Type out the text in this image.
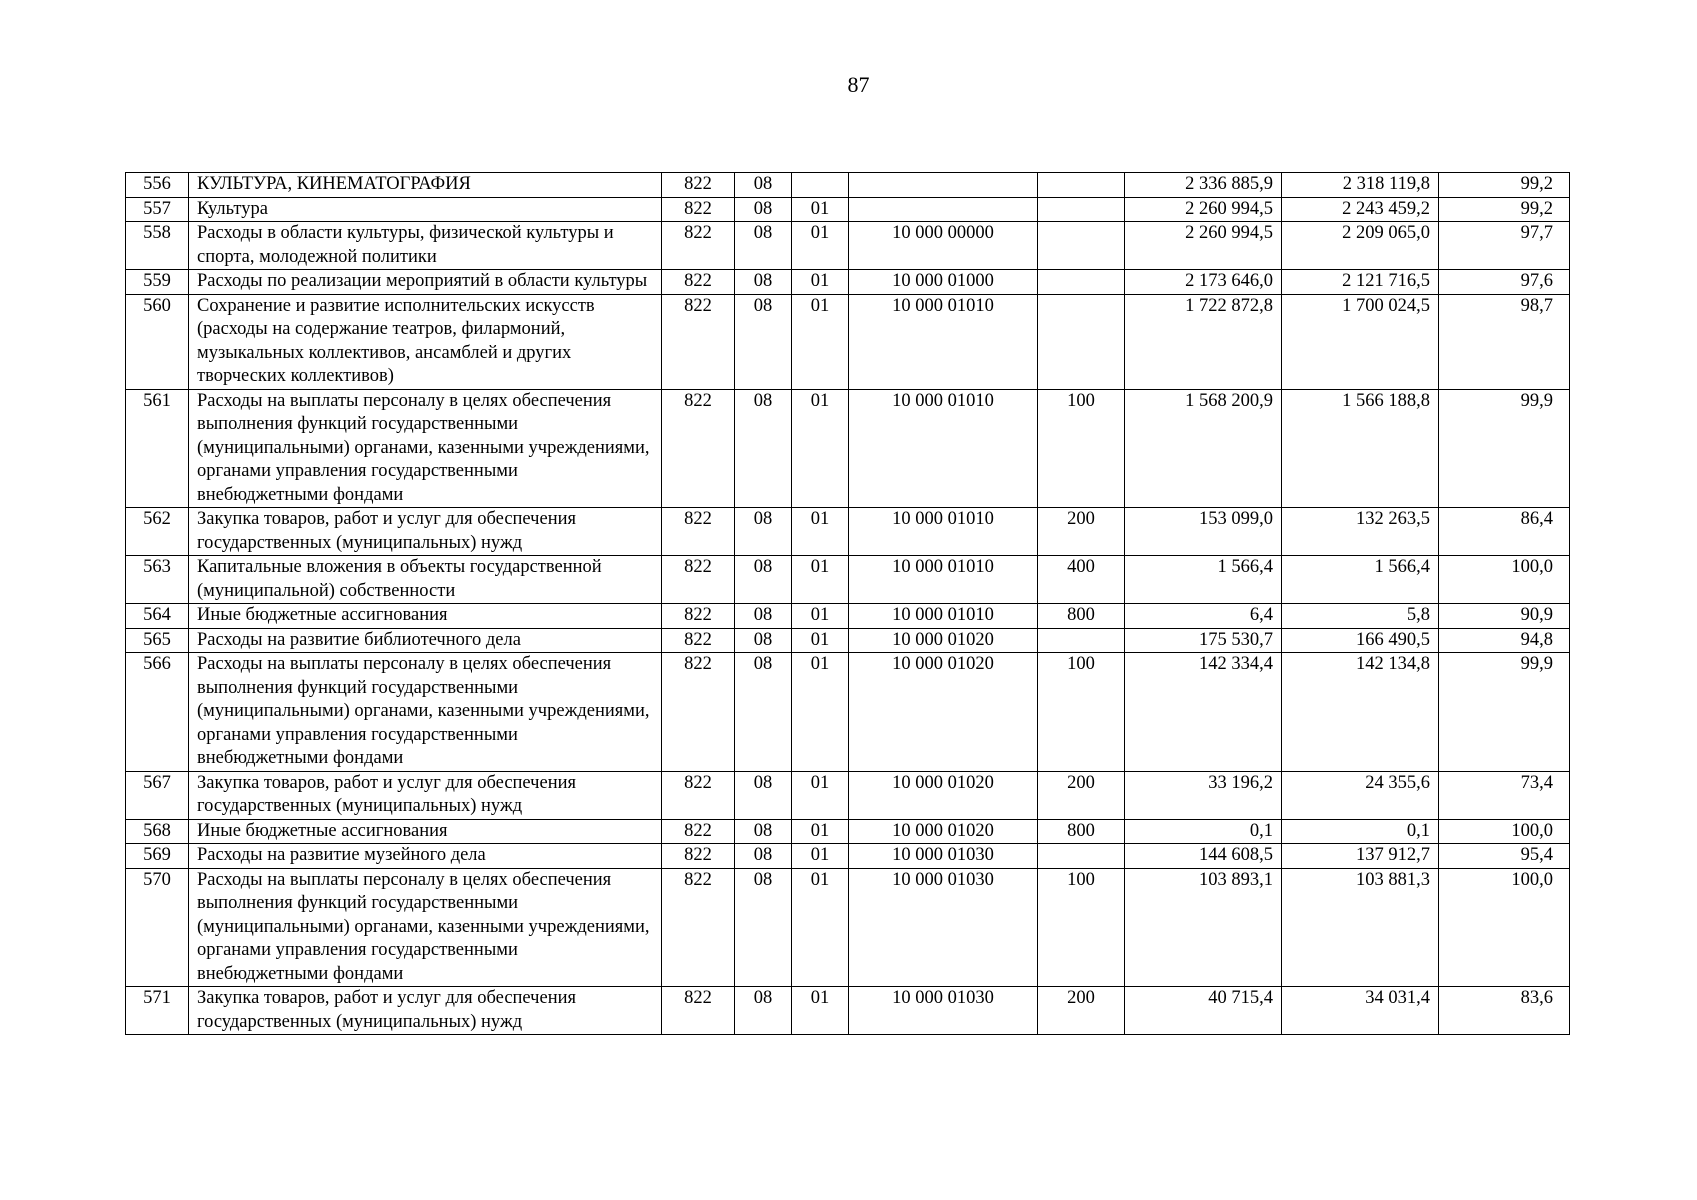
87
556	КУЛЬТУРА, КИНЕМАТОГРАФИЯ	822	08				2 336 885,9	2 318 119,8	99,2
557	Культура	822	08	01			2 260 994,5	2 243 459,2	99,2
558	Расходы в области культуры, физической культуры и спорта, молодежной политики	822	08	01	10 000 00000		2 260 994,5	2 209 065,0	97,7
559	Расходы по реализации мероприятий в области культуры	822	08	01	10 000 01000		2 173 646,0	2 121 716,5	97,6
560	Сохранение и развитие исполнительских искусств (расходы на содержание театров, филармоний, музыкальных коллективов, ансамблей и других творческих коллективов)	822	08	01	10 000 01010		1 722 872,8	1 700 024,5	98,7
561	Расходы на выплаты персоналу в целях обеспечения выполнения функций государственными (муниципальными) органами, казенными учреждениями, органами управления государственными внебюджетными фондами	822	08	01	10 000 01010	100	1 568 200,9	1 566 188,8	99,9
562	Закупка товаров, работ и услуг для обеспечения государственных (муниципальных) нужд	822	08	01	10 000 01010	200	153 099,0	132 263,5	86,4
563	Капитальные вложения в объекты государственной (муниципальной) собственности	822	08	01	10 000 01010	400	1 566,4	1 566,4	100,0
564	Иные бюджетные ассигнования	822	08	01	10 000 01010	800	6,4	5,8	90,9
565	Расходы на развитие библиотечного дела	822	08	01	10 000 01020		175 530,7	166 490,5	94,8
566	Расходы на выплаты персоналу в целях обеспечения выполнения функций государственными (муниципальными) органами, казенными учреждениями, органами управления государственными внебюджетными фондами	822	08	01	10 000 01020	100	142 334,4	142 134,8	99,9
567	Закупка товаров, работ и услуг для обеспечения государственных (муниципальных) нужд	822	08	01	10 000 01020	200	33 196,2	24 355,6	73,4
568	Иные бюджетные ассигнования	822	08	01	10 000 01020	800	0,1	0,1	100,0
569	Расходы на развитие музейного дела	822	08	01	10 000 01030		144 608,5	137 912,7	95,4
570	Расходы на выплаты персоналу в целях обеспечения выполнения функций государственными (муниципальными) органами, казенными учреждениями, органами управления государственными внебюджетными фондами	822	08	01	10 000 01030	100	103 893,1	103 881,3	100,0
571	Закупка товаров, работ и услуг для обеспечения государственных (муниципальных) нужд	822	08	01	10 000 01030	200	40 715,4	34 031,4	83,6
